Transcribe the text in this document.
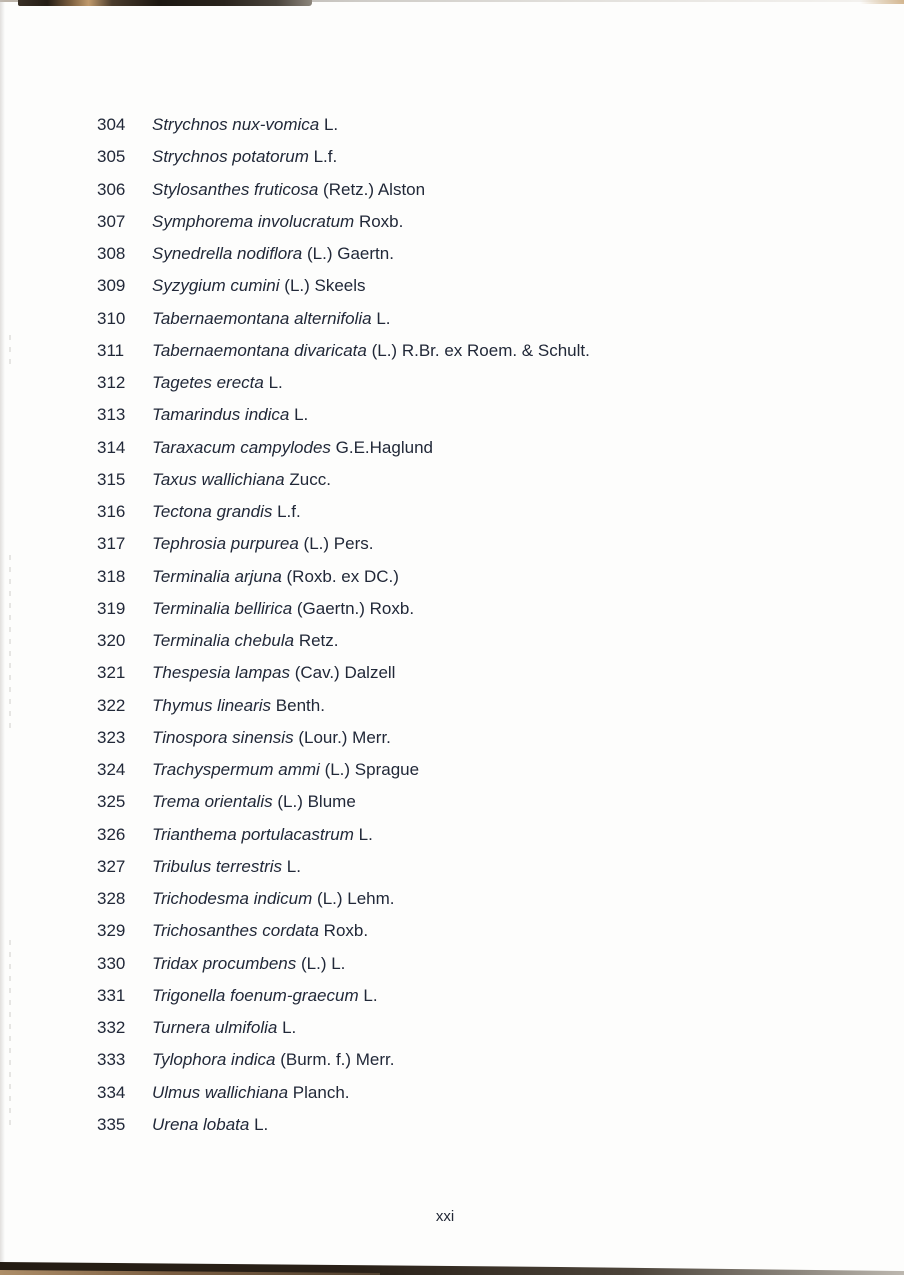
304	Strychnos nux-vomica L.
305	Strychnos potatorum L.f.
306	Stylosanthes fruticosa (Retz.) Alston
307	Symphorema involucratum Roxb.
308	Synedrella nodiflora (L.) Gaertn.
309	Syzygium cumini (L.) Skeels
310	Tabernaemontana alternifolia L.
311	Tabernaemontana divaricata (L.) R.Br. ex Roem. & Schult.
312	Tagetes erecta L.
313	Tamarindus indica L.
314	Taraxacum campylodes G.E.Haglund
315	Taxus wallichiana Zucc.
316	Tectona grandis L.f.
317	Tephrosia purpurea (L.) Pers.
318	Terminalia arjuna (Roxb. ex DC.)
319	Terminalia bellirica (Gaertn.) Roxb.
320	Terminalia chebula Retz.
321	Thespesia lampas (Cav.) Dalzell
322	Thymus linearis Benth.
323	Tinospora sinensis (Lour.) Merr.
324	Trachyspermum ammi (L.) Sprague
325	Trema orientalis (L.) Blume
326	Trianthema portulacastrum L.
327	Tribulus terrestris L.
328	Trichodesma indicum (L.) Lehm.
329	Trichosanthes cordata Roxb.
330	Tridax procumbens (L.) L.
331	Trigonella foenum-graecum L.
332	Turnera ulmifolia L.
333	Tylophora indica (Burm. f.) Merr.
334	Ulmus wallichiana Planch.
335	Urena lobata L.
xxi
